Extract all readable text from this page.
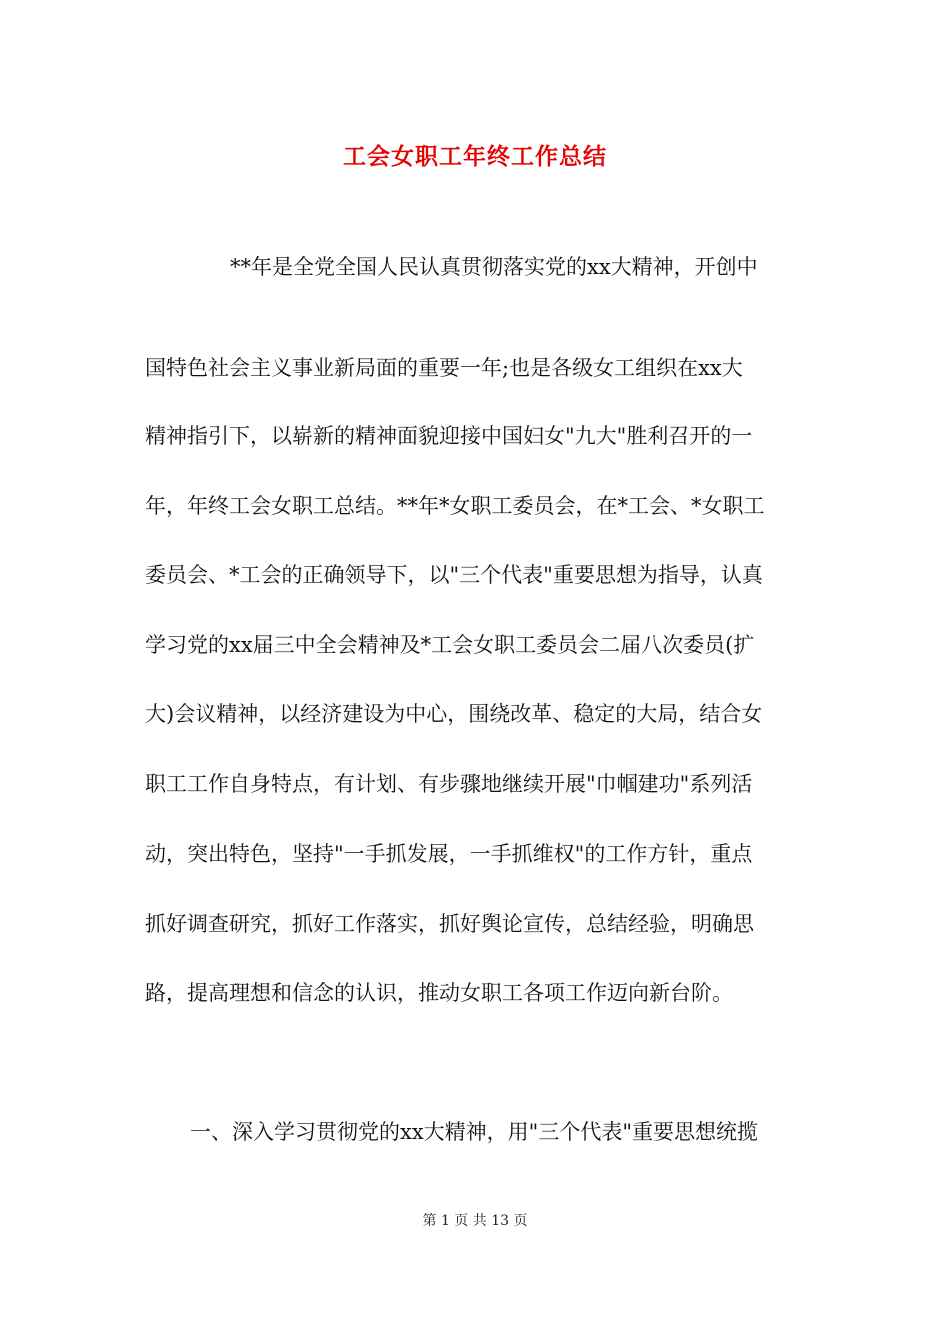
工会女职工年终工作总结

**年是全党全国人民认真贯彻落实党的xx大精神，开创中

国特色社会主义事业新局面的重要一年;也是各级女工组织在xx大

精神指引下，以崭新的精神面貌迎接中国妇女"九大"胜利召开的一

年，年终工会女职工总结。**年*女职工委员会，在*工会、*女职工

委员会、*工会的正确领导下，以"三个代表"重要思想为指导，认真

学习党的xx届三中全会精神及*工会女职工委员会二届八次委员(扩

大)会议精神，以经济建设为中心，围绕改革、稳定的大局，结合女

职工工作自身特点，有计划、有步骤地继续开展"巾帼建功"系列活

动，突出特色，坚持"一手抓发展，一手抓维权"的工作方针，重点

抓好调查研究，抓好工作落实，抓好舆论宣传，总结经验，明确思

路，提高理想和信念的认识，推动女职工各项工作迈向新台阶。

一、深入学习贯彻党的xx大精神，用"三个代表"重要思想统揽

第 1 页 共 13 页
